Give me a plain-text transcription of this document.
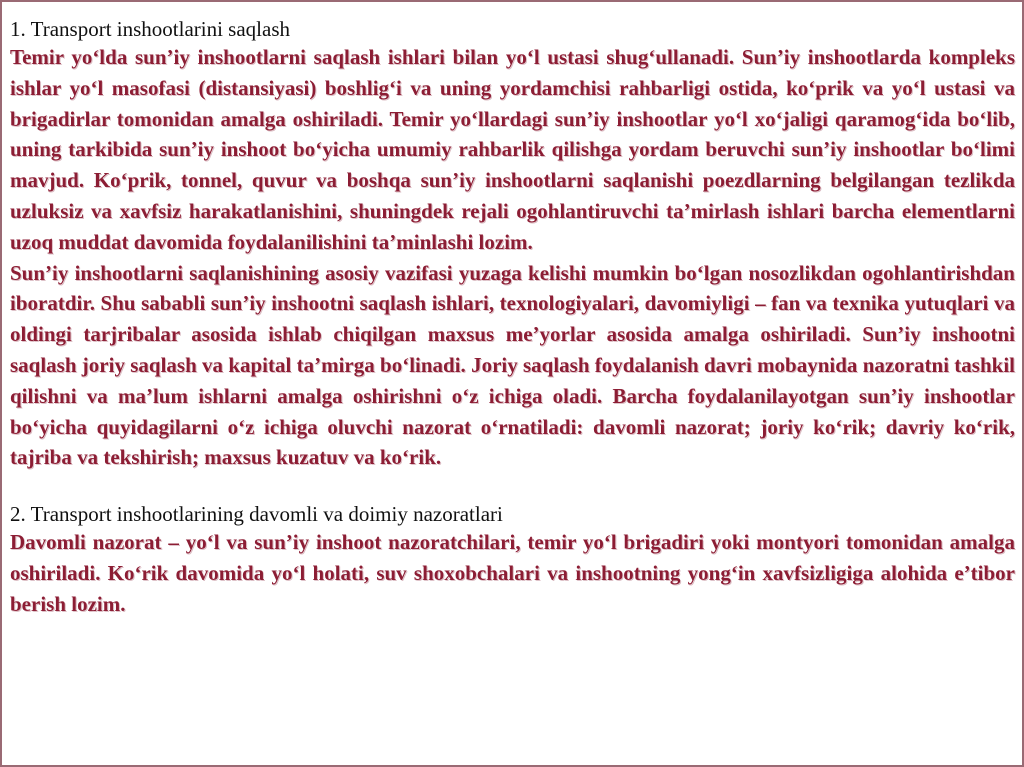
1. Transport inshootlarini saqlash

Temir yo‘lda sun’iy inshootlarni saqlash ishlari bilan yo‘l ustasi shug‘ullanadi. Sun’iy inshootlarda kompleks ishlar yo‘l masofasi (distansiyasi) boshlig‘i va uning yordamchisi rahbarligi ostida, ko‘prik va yo‘l ustasi va brigadirlar tomonidan amalga oshiriladi. Temir yo‘llardagi sun’iy inshootlar yo‘l xo‘jaligi qaramog‘ida bo‘lib, uning tarkibida sun’iy inshoot bo‘yicha umumiy rahbarlik qilishga yordam beruvchi sun’iy inshootlar bo‘limi mavjud. Ko‘prik, tonnel, quvur va boshqa sun’iy inshootlarni saqlanishi poezdlarning belgilangan tezlikda uzluksiz va xavfsiz harakatlanishini, shuningdek rejali ogohlantiruvchi ta’mirlash ishlari barcha elementlarni uzoq muddat davomida foydalanilishini ta’minlashi lozim.

Sun’iy inshootlarni saqlanishining asosiy vazifasi yuzaga kelishi mumkin bo‘lgan nosozlikdan ogohlantirishdan iboratdir. Shu sababli sun’iy inshootni saqlash ishlari, texnologiyalari, davomiyligi – fan va texnika yutuqlari va oldingi tarjribalar asosida ishlab chiqilgan maxsus me’yorlar asosida amalga oshiriladi. Sun’iy inshootni saqlash joriy saqlash va kapital ta’mirga bo‘linadi. Joriy saqlash foydalanish davri mobaynida nazoratni tashkil qilishni va ma’lum ishlarni amalga oshirishni o‘z ichiga oladi. Barcha foydalanilayotgan sun’iy inshootlar bo‘yicha quyidagilarni o‘z ichiga oluvchi nazorat o‘rnatiladi: davomli nazorat; joriy ko‘rik; davriy ko‘rik, tajriba va tekshirish; maxsus kuzatuv va ko‘rik.

2. Transport inshootlarining davomli va doimiy nazoratlari

Davomli nazorat – yo‘l va sun’iy inshoot nazoratchilari, temir yo‘l brigadiri yoki montyori tomonidan amalga oshiriladi. Ko‘rik davomida yo‘l holati, suv shoxobchalari va inshootning yong‘in xavfsizligiga alohida e’tibor berish lozim.
